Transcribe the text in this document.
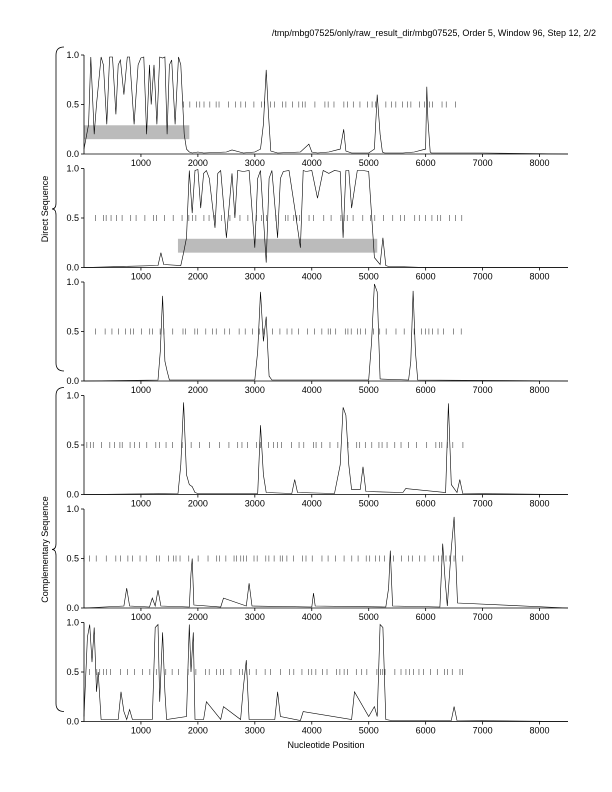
/tmp/mbg07525/only/raw_result_dir/mbg07525, Order 5, Window 96, Step 12, 2/2
0.0
0.5
1.0
1000	2000	3000	4000	5000	6000	7000	8000
0.0
0.5
1.0
1000	2000	3000	4000	5000	6000	7000	8000
0.0
0.5
1.0
1000	2000	3000	4000	5000	6000	7000	8000
0.0
0.5
1.0
1000	2000	3000	4000	5000	6000	7000	8000
0.0
0.5
1.0
1000	2000	3000	4000	5000	6000	7000	8000
0.0
0.5
1.0
1000	2000	3000	4000	5000	6000	7000	8000
Direct Sequence
Complementary Sequence
Nucleotide Position
